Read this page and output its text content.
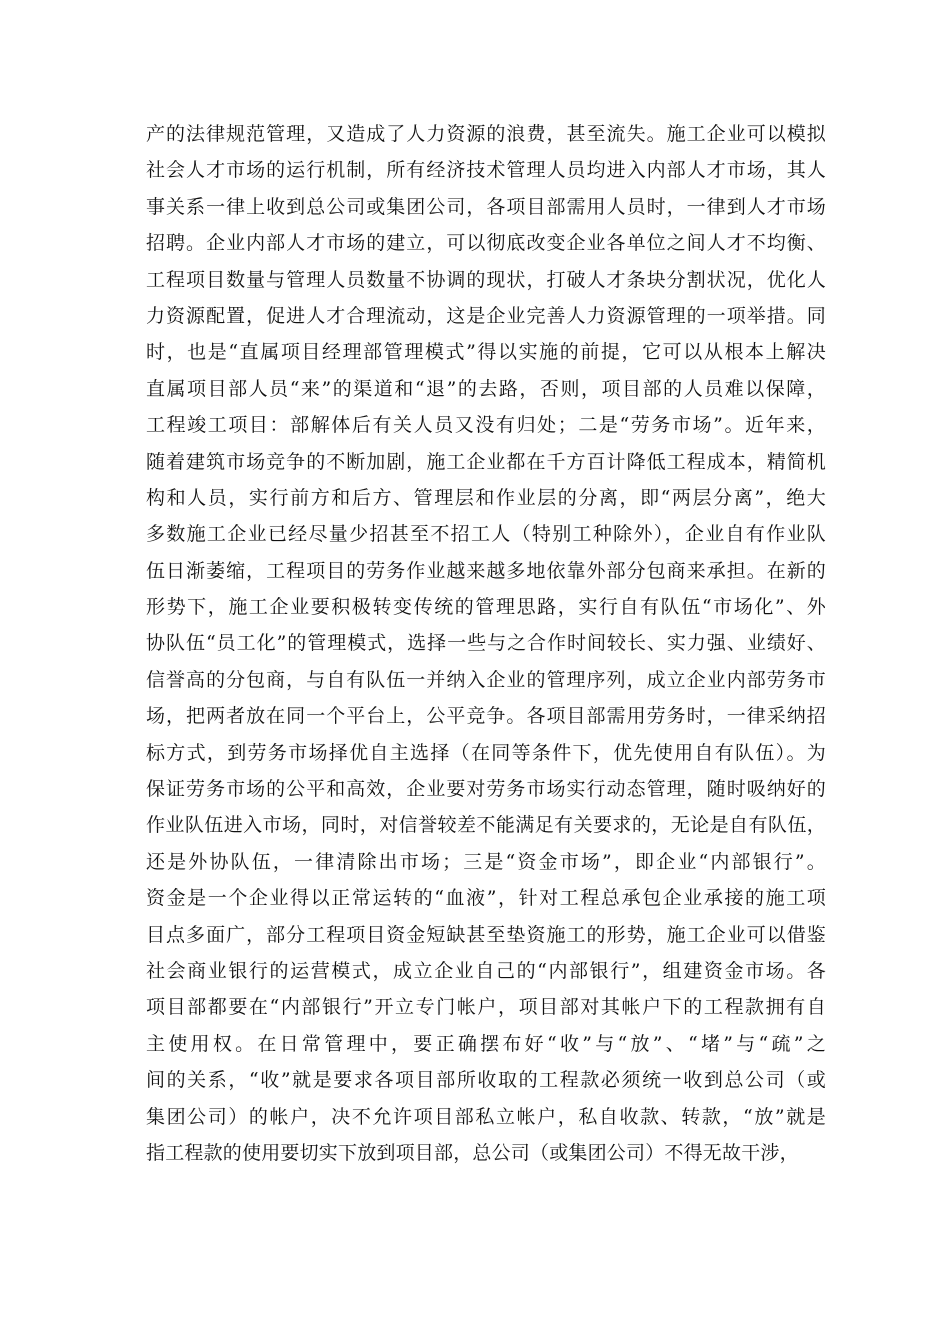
产的法律规范管理，又造成了人力资源的浪费，甚至流失。施工企业可以模拟
社会人才市场的运行机制，所有经济技术管理人员均进入内部人才市场，其人
事关系一律上收到总公司或集团公司，各项目部需用人员时，一律到人才市场
招聘。企业内部人才市场的建立，可以彻底改变企业各单位之间人才不均衡、
工程项目数量与管理人员数量不协调的现状，打破人才条块分割状况，优化人
力资源配置，促进人才合理流动，这是企业完善人力资源管理的一项举措。同
时，也是“直属项目经理部管理模式”得以实施的前提，它可以从根本上解决
直属项目部人员“来”的渠道和“退”的去路，否则，项目部的人员难以保障，
工程竣工项目：部解体后有关人员又没有归处；二是“劳务市场”。近年来，
随着建筑市场竞争的不断加剧，施工企业都在千方百计降低工程成本，精简机
构和人员，实行前方和后方、管理层和作业层的分离，即“两层分离”，绝大
多数施工企业已经尽量少招甚至不招工人（特别工种除外），企业自有作业队
伍日渐萎缩，工程项目的劳务作业越来越多地依靠外部分包商来承担。在新的
形势下，施工企业要积极转变传统的管理思路，实行自有队伍“市场化”、外
协队伍“员工化”的管理模式，选择一些与之合作时间较长、实力强、业绩好、
信誉高的分包商，与自有队伍一并纳入企业的管理序列，成立企业内部劳务市
场，把两者放在同一个平台上，公平竞争。各项目部需用劳务时，一律采纳招
标方式，到劳务市场择优自主选择（在同等条件下，优先使用自有队伍）。为
保证劳务市场的公平和高效，企业要对劳务市场实行动态管理，随时吸纳好的
作业队伍进入市场，同时，对信誉较差不能满足有关要求的，无论是自有队伍，
还是外协队伍，一律清除出市场；三是“资金市场”，即企业“内部银行”。
资金是一个企业得以正常运转的“血液”，针对工程总承包企业承接的施工项
目点多面广，部分工程项目资金短缺甚至垫资施工的形势，施工企业可以借鉴
社会商业银行的运营模式，成立企业自己的“内部银行”，组建资金市场。各
项目部都要在“内部银行”开立专门帐户，项目部对其帐户下的工程款拥有自
主使用权。在日常管理中，要正确摆布好“收”与“放”、“堵”与“疏”之
间的关系，“收”就是要求各项目部所收取的工程款必须统一收到总公司（或
集团公司）的帐户，决不允许项目部私立帐户，私自收款、转款，“放”就是
指工程款的使用要切实下放到项目部，总公司（或集团公司）不得无故干涉，
